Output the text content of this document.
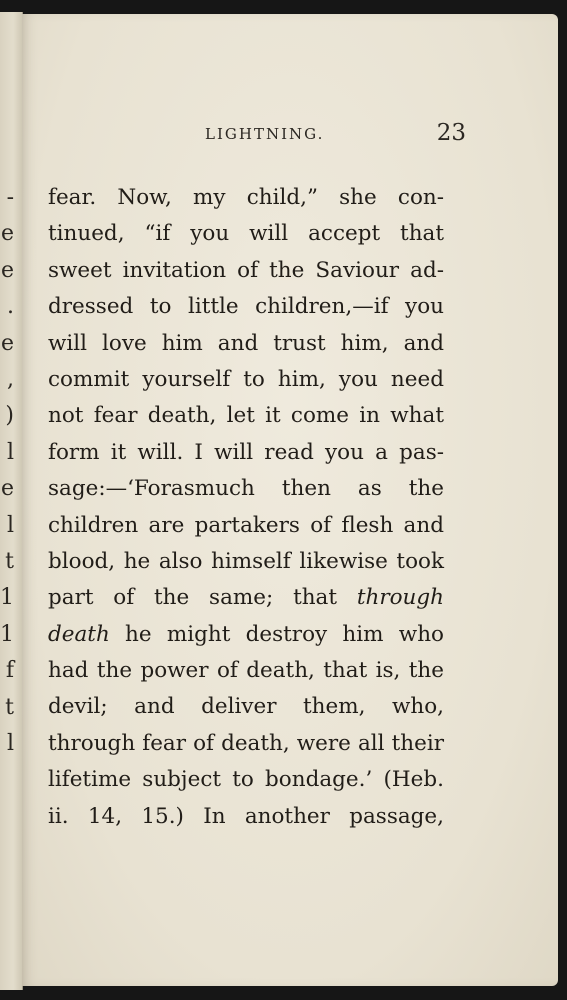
-
e
e
.
e
,
)
l
e
l
t
1
1
f
t
l
LIGHTNING.	23
fear. Now, my child,” she con-
tinued, “if you will accept that
sweet invitation of the Saviour ad-
dressed to little children,—if you
will love him and trust him, and
commit yourself to him, you need
not fear death, let it come in what
form it will. I will read you a pas-
sage:—‘Forasmuch then as the
children are partakers of flesh and
blood, he also himself likewise took
part of the same; that through
death he might destroy him who
had the power of death, that is, the
devil; and deliver them, who,
through fear of death, were all their
lifetime subject to bondage.’ (Heb.
ii. 14, 15.) In another passage,
